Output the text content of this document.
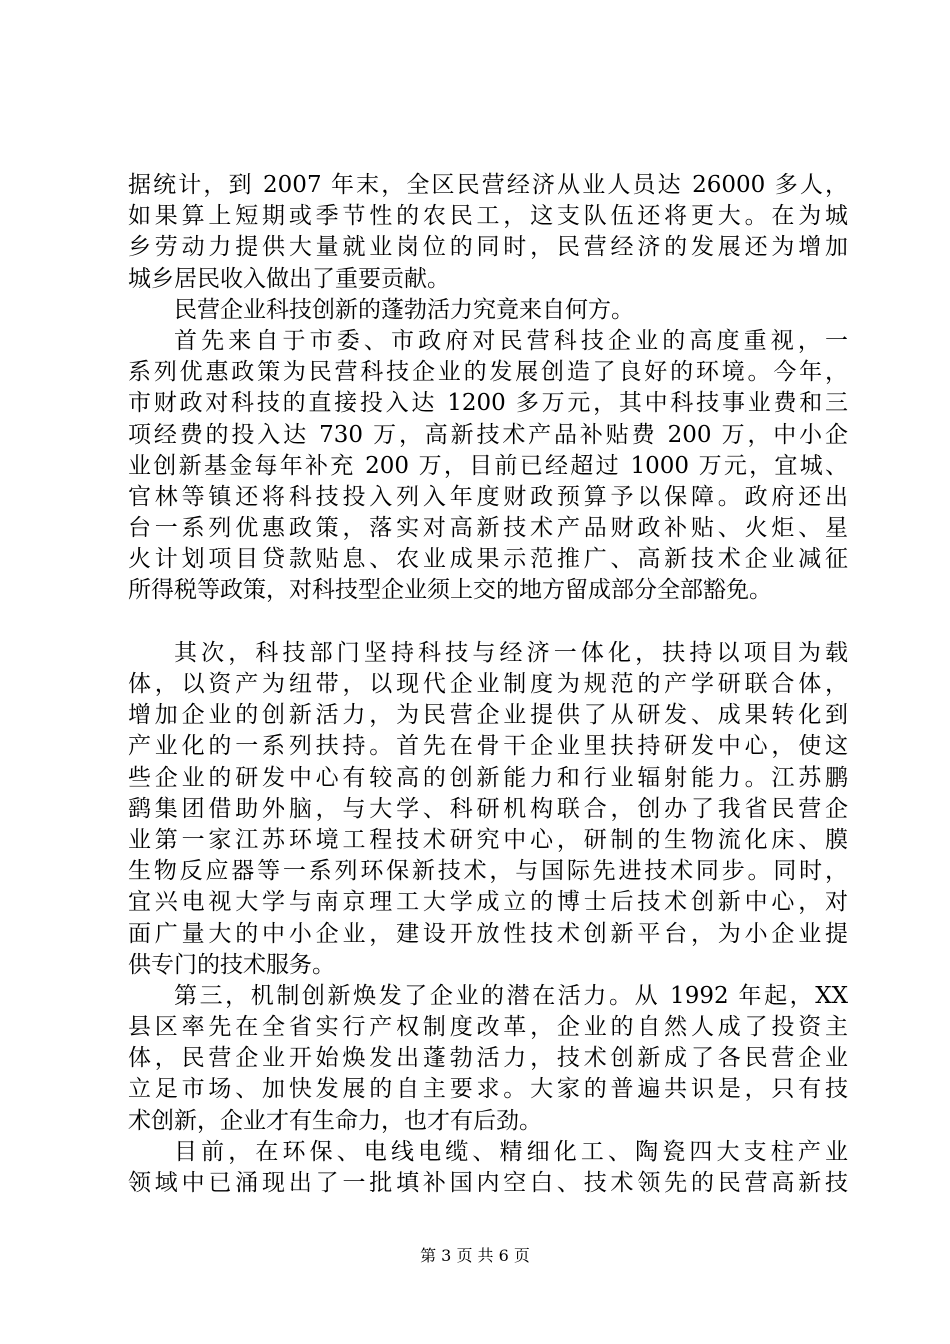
据统计，到 2007 年末，全区民营经济从业人员达 26000 多人，
如果算上短期或季节性的农民工，这支队伍还将更大。在为城
乡劳动力提供大量就业岗位的同时，民营经济的发展还为增加
城乡居民收入做出了重要贡献。
民营企业科技创新的蓬勃活力究竟来自何方。
首先来自于市委、市政府对民营科技企业的高度重视，一
系列优惠政策为民营科技企业的发展创造了良好的环境。今年，
市财政对科技的直接投入达 1200 多万元，其中科技事业费和三
项经费的投入达 730 万，高新技术产品补贴费 200 万，中小企
业创新基金每年补充 200 万，目前已经超过 1000 万元，宜城、
官林等镇还将科技投入列入年度财政预算予以保障。政府还出
台一系列优惠政策，落实对高新技术产品财政补贴、火炬、星
火计划项目贷款贴息、农业成果示范推广、高新技术企业减征
所得税等政策，对科技型企业须上交的地方留成部分全部豁免。
其次，科技部门坚持科技与经济一体化，扶持以项目为载
体，以资产为纽带，以现代企业制度为规范的产学研联合体，
增加企业的创新活力，为民营企业提供了从研发、成果转化到
产业化的一系列扶持。首先在骨干企业里扶持研发中心，使这
些企业的研发中心有较高的创新能力和行业辐射能力。江苏鹏
鹞集团借助外脑，与大学、科研机构联合，创办了我省民营企
业第一家江苏环境工程技术研究中心，研制的生物流化床、膜
生物反应器等一系列环保新技术，与国际先进技术同步。同时，
宜兴电视大学与南京理工大学成立的博士后技术创新中心，对
面广量大的中小企业，建设开放性技术创新平台，为小企业提
供专门的技术服务。
第三，机制创新焕发了企业的潜在活力。从 1992 年起，XX
县区率先在全省实行产权制度改革，企业的自然人成了投资主
体，民营企业开始焕发出蓬勃活力，技术创新成了各民营企业
立足市场、加快发展的自主要求。大家的普遍共识是，只有技
术创新，企业才有生命力，也才有后劲。
目前，在环保、电线电缆、精细化工、陶瓷四大支柱产业
领域中已涌现出了一批填补国内空白、技术领先的民营高新技
第 3 页 共 6 页
